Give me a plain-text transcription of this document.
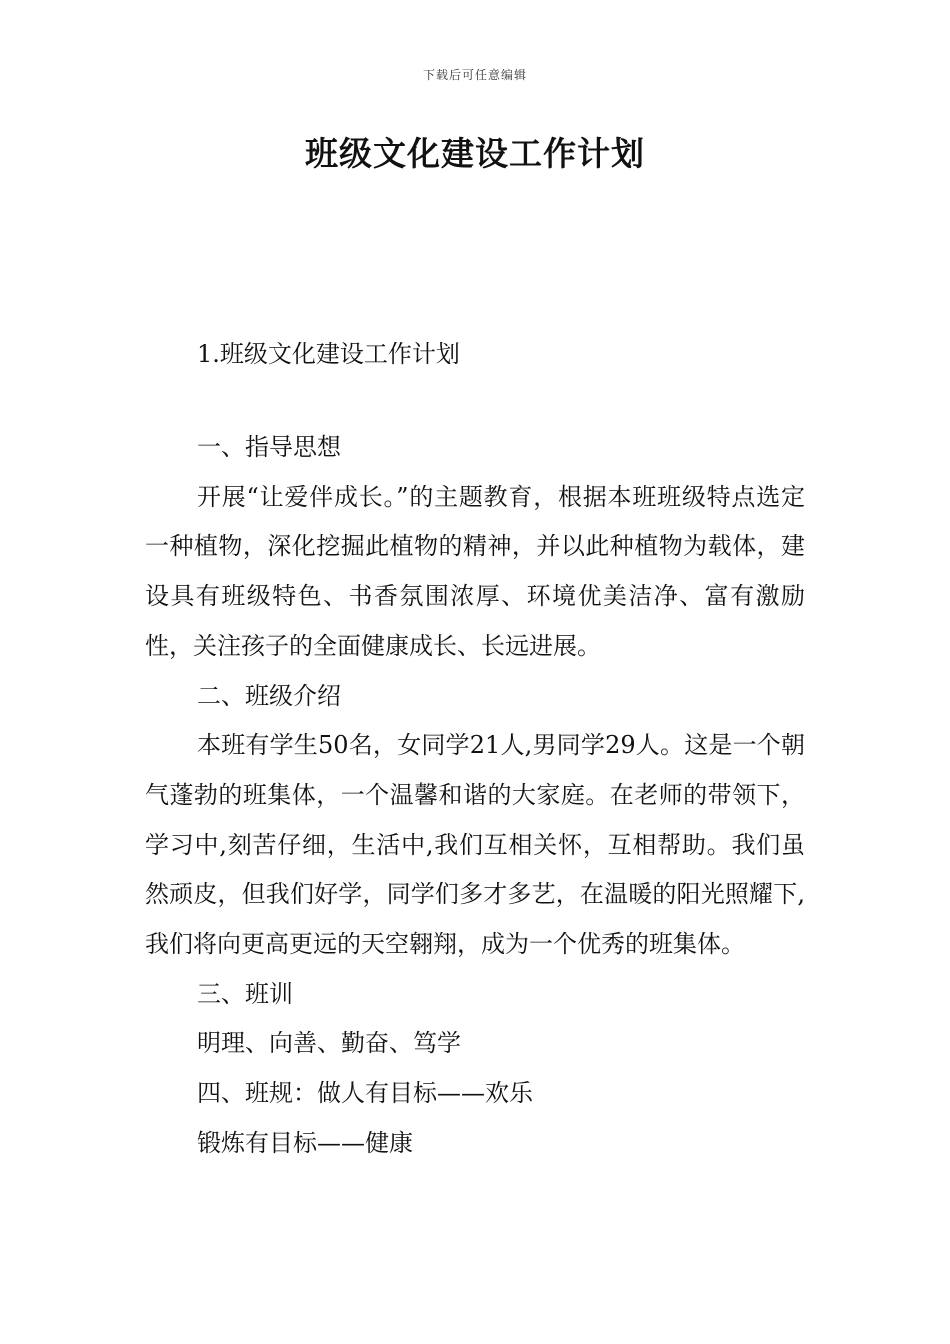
下载后可任意编辑
班级文化建设工作计划

1.班级文化建设工作计划

一、指导思想

开展“让爱伴成长。”的主题教育，根据本班班级特点选定一种植物，深化挖掘此植物的精神，并以此种植物为载体，建设具有班级特色、书香氛围浓厚、环境优美洁净、富有激励性，关注孩子的全面健康成长、长远进展。

二、班级介绍

本班有学生50名，女同学21人,男同学29人。这是一个朝气蓬勃的班集体，一个温馨和谐的大家庭。在老师的带领下，学习中,刻苦仔细，生活中,我们互相关怀，互相帮助。我们虽然顽皮，但我们好学，同学们多才多艺，在温暖的阳光照耀下,我们将向更高更远的天空翱翔，成为一个优秀的班集体。

三、班训

明理、向善、勤奋、笃学

四、班规：做人有目标——欢乐

锻炼有目标——健康
